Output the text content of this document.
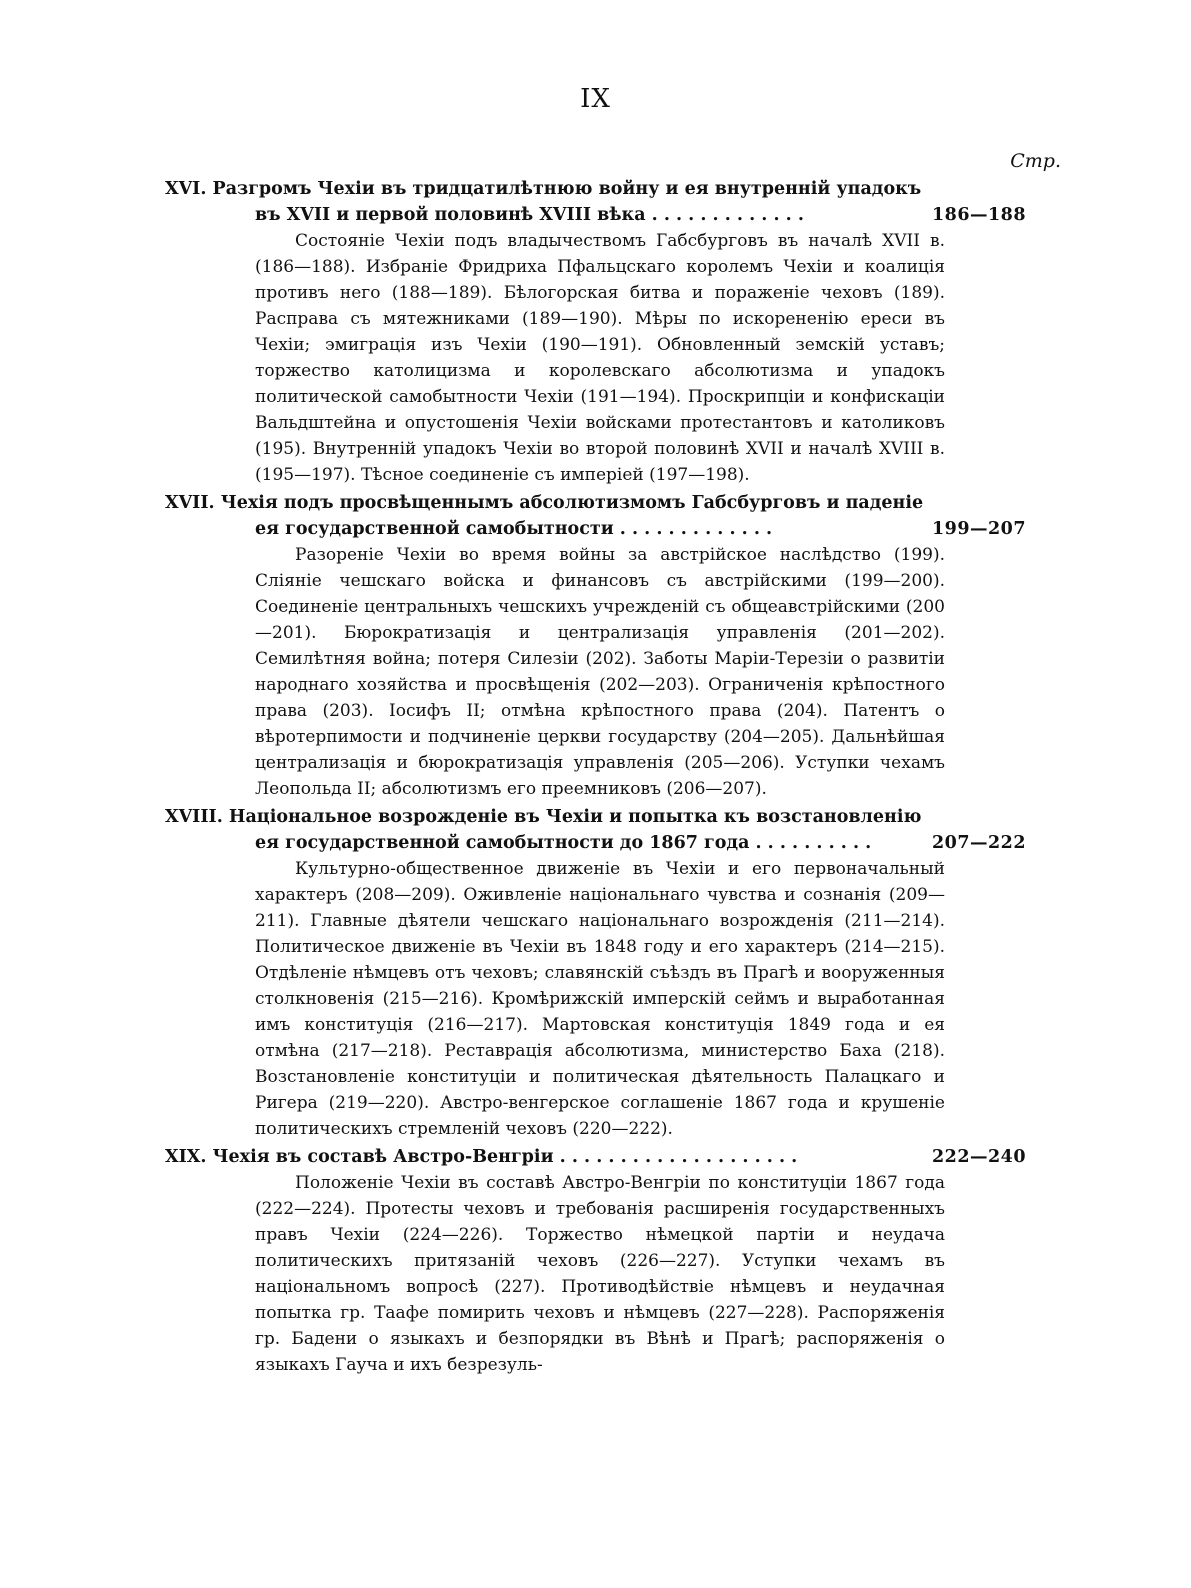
IX
Стр.
XVI. Разгромъ Чехіи въ тридцатилѣтнюю войну и ея внутренній упадокъ въ XVII и первой половинѣ XVIII вѣка . . . . . . . . . . . . .	186—188
Состояніе Чехіи подъ владычествомъ Габсбурговъ въ началѣ XVII в. (186—188). Избраніе Фридриха Пфальцскаго королемъ Чехіи и коалиція противъ него (188—189). Бѣлогорская битва и пораженіе чеховъ (189). Расправа съ мятежниками (189—190). Мѣры по искорененію ереси въ Чехіи; эмиграція изъ Чехіи (190—191). Обновленный земскій уставъ; торжество католицизма и королевскаго абсолютизма и упадокъ политической самобытности Чехіи (191—194). Проскрипціи и конфискаціи Вальдштейна и опустошенія Чехіи войсками протестантовъ и католиковъ (195). Внутренній упадокъ Чехіи во второй половинѣ XVII и началѣ XVIII в. (195—197). Тѣсное соединеніе съ имперіей (197—198).
XVII. Чехія подъ просвѣщеннымъ абсолютизмомъ Габсбурговъ и паденіе ея государственной самобытности . . . . . . . . . . . . .	199—207
Разореніе Чехіи во время войны за австрійское наслѣдство (199). Сліяніе чешскаго войска и финансовъ съ австрійскими (199—200). Соединеніе центральныхъ чешскихъ учрежденій съ общеавстрійскими (200—201). Бюрократизація и централизація управленія (201—202). Семилѣтняя война; потеря Силезіи (202). Заботы Маріи-Терезіи о развитіи народнаго хозяйства и просвѣщенія (202—203). Ограниченія крѣпостного права (203). Іосифъ II; отмѣна крѣпостного права (204). Патентъ о вѣротерпимости и подчиненіе церкви государству (204—205). Дальнѣйшая централизація и бюрократизація управленія (205—206). Уступки чехамъ Леопольда II; абсолютизмъ его преемниковъ (206—207).
XVIII. Національное возрожденіе въ Чехіи и попытка къ возстановленію ея государственной самобытности до 1867 года . . . . . . . . . .	207—222
Культурно-общественное движеніе въ Чехіи и его первоначальный характеръ (208—209). Оживленіе національнаго чувства и сознанія (209—211). Главные дѣятели чешскаго національнаго возрожденія (211—214). Политическое движеніе въ Чехіи въ 1848 году и его характеръ (214—215). Отдѣленіе нѣмцевъ отъ чеховъ; славянскій съѣздъ въ Прагѣ и вооруженныя столкновенія (215—216). Кромѣрижскій имперскій сеймъ и выработанная имъ конституція (216—217). Мартовская конституція 1849 года и ея отмѣна (217—218). Реставрація абсолютизма, министерство Баха (218). Возстановленіе конституціи и политическая дѣятельность Палацкаго и Ригера (219—220). Австро-венгерское соглашеніе 1867 года и крушеніе политическихъ стремленій чеховъ (220—222).
XIX. Чехія въ составѣ Австро-Венгріи . . . . . . . . . . . . . . . . . . . .	222—240
Положеніе Чехіи въ составѣ Австро-Венгріи по конституціи 1867 года (222—224). Протесты чеховъ и требованія расширенія государственныхъ правъ Чехіи (224—226). Торжество нѣмецкой партіи и неудача политическихъ притязаній чеховъ (226—227). Уступки чехамъ въ національномъ вопросѣ (227). Противодѣйствіе нѣмцевъ и неудачная попытка гр. Таафе помирить чеховъ и нѣмцевъ (227—228). Распоряженія гр. Бадени о языкахъ и безпорядки въ Вѣнѣ и Прагѣ; распоряженія о языкахъ Гауча и ихъ безрезуль-
